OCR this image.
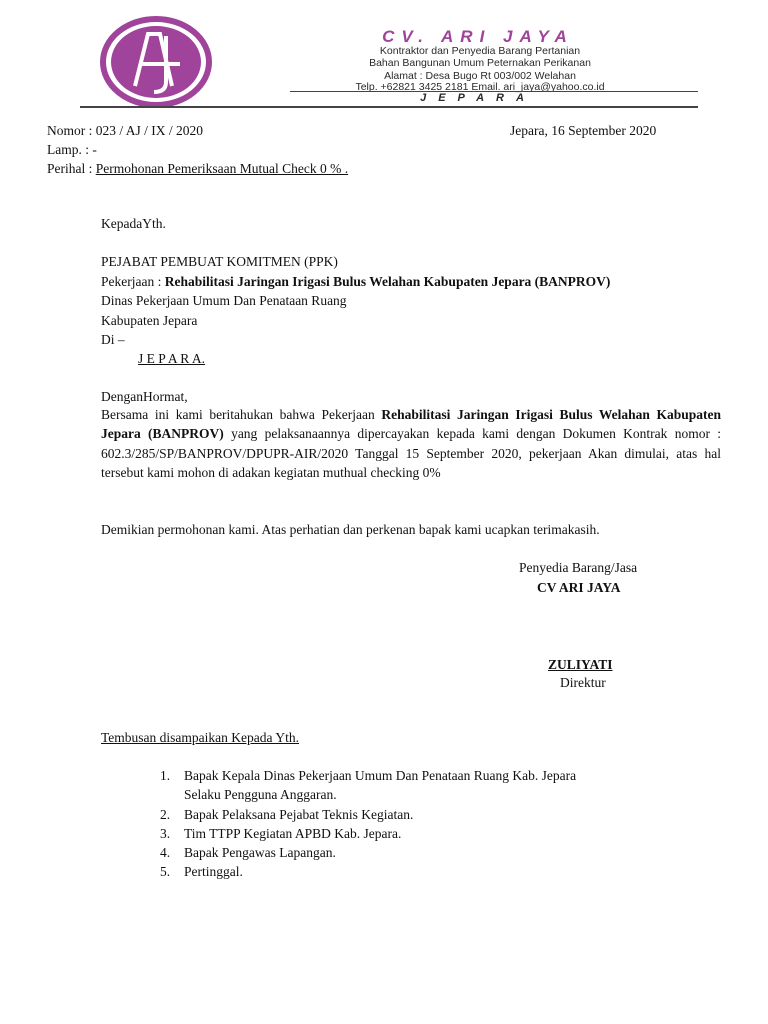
CV. ARI JAYA
Kontraktor dan Penyedia Barang Pertanian
Bahan Bangunan Umum Peternakan Perikanan
Alamat : Desa Bugo Rt 003/002 Welahan
Telp. +62821 3425 2181 Email. ari_jaya@yahoo.co.id
JEPARA
Nomor : 023 / AJ / IX / 2020	Jepara, 16 September 2020
Lamp. : -
Perihal : Permohonan Pemeriksaan Mutual Check 0 % .
KepadaYth.
PEJABAT PEMBUAT KOMITMEN (PPK)
Pekerjaan : Rehabilitasi Jaringan Irigasi Bulus Welahan Kabupaten Jepara (BANPROV)
Dinas Pekerjaan Umum Dan Penataan Ruang
Kabupaten Jepara
Di –
J E P A R A.
DenganHormat,
Bersama ini kami beritahukan bahwa Pekerjaan Rehabilitasi Jaringan Irigasi Bulus Welahan Kabupaten Jepara (BANPROV) yang pelaksanaannya dipercayakan kepada kami dengan Dokumen Kontrak nomor : 602.3/285/SP/BANPROV/DPUPR-AIR/2020 Tanggal 15 September 2020, pekerjaan Akan dimulai, atas hal tersebut kami mohon di adakan kegiatan muthual checking 0%
Demikian permohonan kami. Atas perhatian dan perkenan bapak kami ucapkan terimakasih.
Penyedia Barang/Jasa
CV ARI JAYA
ZULIYATI
Direktur
Tembusan disampaikan Kepada Yth.
1. Bapak Kepala Dinas Pekerjaan Umum Dan Penataan Ruang Kab. Jepara
Selaku Pengguna Anggaran.
2. Bapak Pelaksana Pejabat Teknis Kegiatan.
3. Tim TTPP Kegiatan APBD Kab. Jepara.
4. Bapak Pengawas Lapangan.
5. Pertinggal.
